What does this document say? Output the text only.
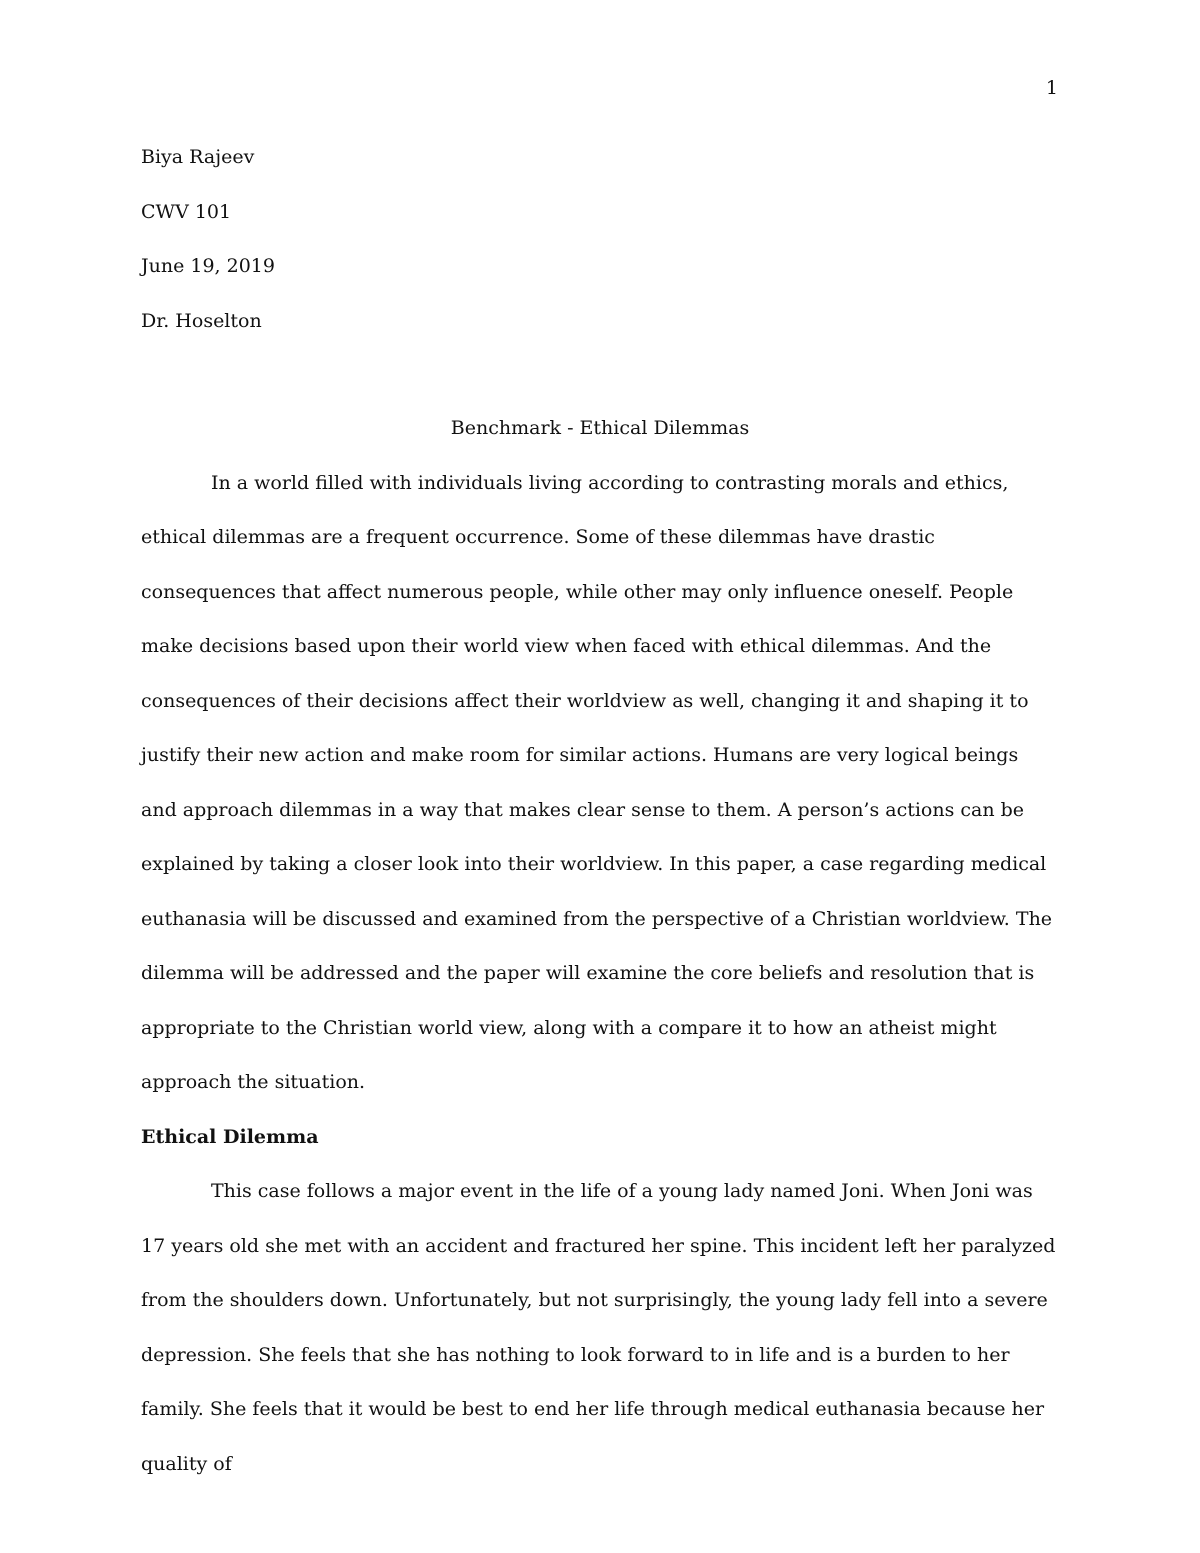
1
Biya Rajeev
CWV 101
June 19, 2019
Dr. Hoselton
Benchmark - Ethical Dilemmas

In a world filled with individuals living according to contrasting morals and ethics, ethical dilemmas are a frequent occurrence. Some of these dilemmas have drastic consequences that affect numerous people, while other may only influence oneself. People make decisions based upon their world view when faced with ethical dilemmas. And the consequences of their decisions affect their worldview as well, changing it and shaping it to justify their new action and make room for similar actions. Humans are very logical beings and approach dilemmas in a way that makes clear sense to them. A person’s actions can be explained by taking a closer look into their worldview. In this paper, a case regarding medical euthanasia will be discussed and examined from the perspective of a Christian worldview. The dilemma will be addressed and the paper will examine the core beliefs and resolution that is appropriate to the Christian world view, along with a compare it to how an atheist might approach the situation.

Ethical Dilemma

This case follows a major event in the life of a young lady named Joni. When Joni was 17 years old she met with an accident and fractured her spine. This incident left her paralyzed from the shoulders down. Unfortunately, but not surprisingly, the young lady fell into a severe depression. She feels that she has nothing to look forward to in life and is a burden to her family. She feels that it would be best to end her life through medical euthanasia because her quality of
